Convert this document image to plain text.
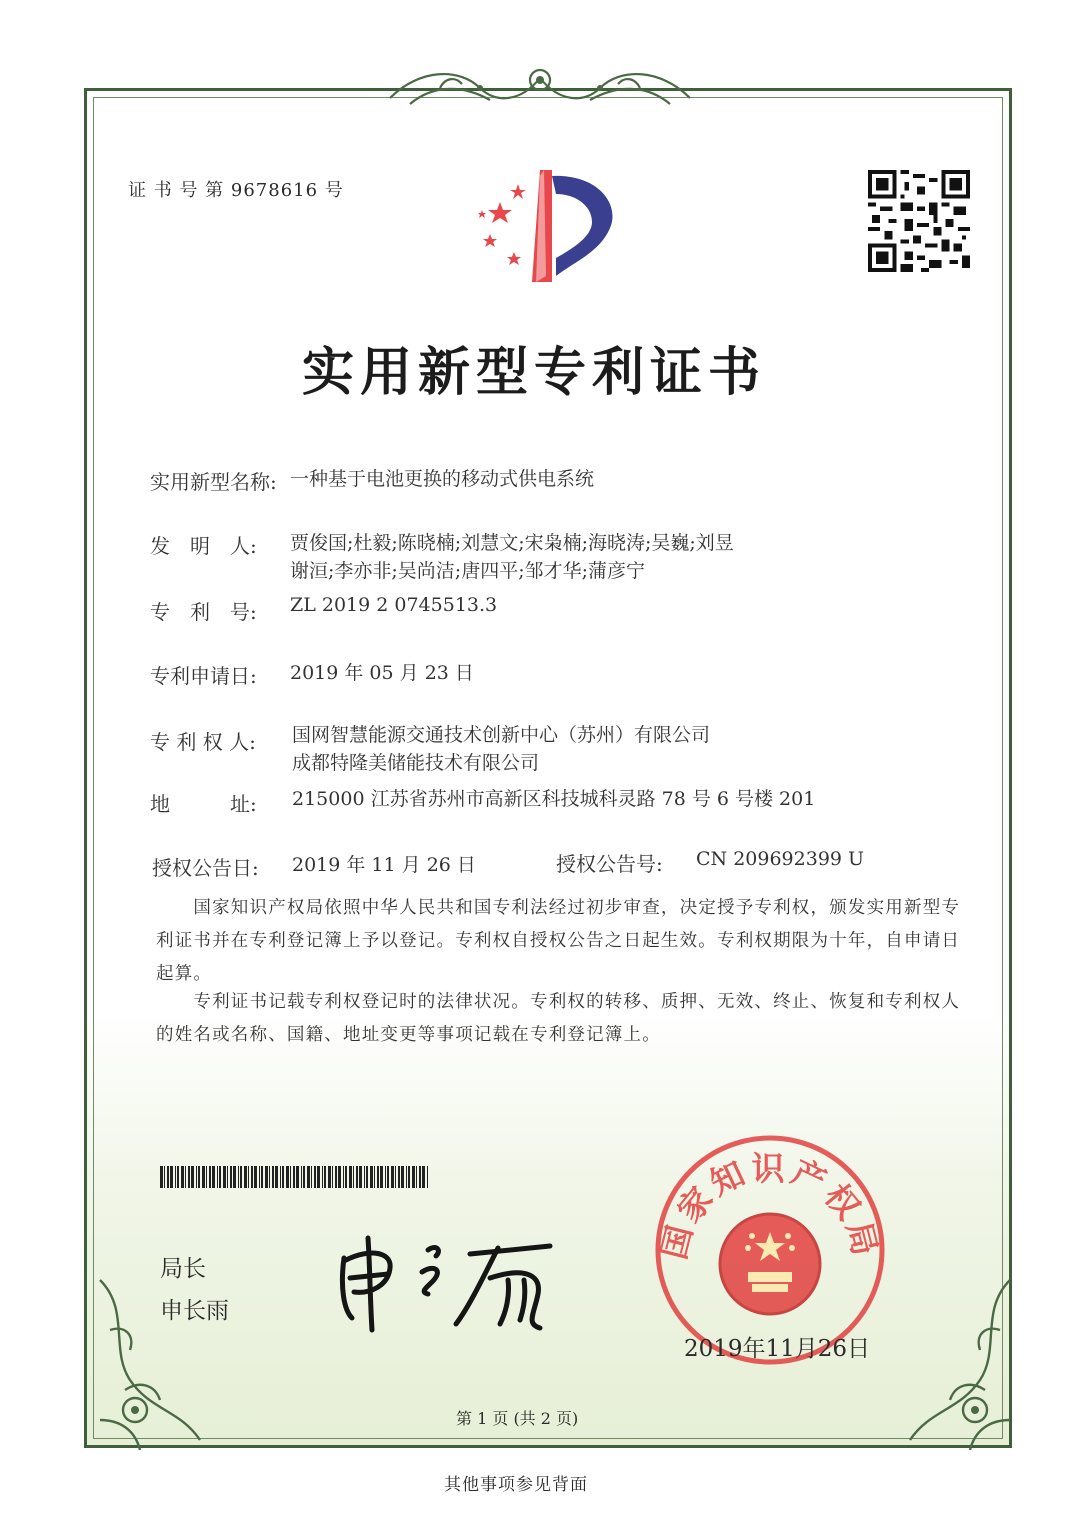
证 书 号 第 9678616 号
实用新型专利证书
实用新型名称: 一种基于电池更换的移动式供电系统
发　明　人: 贾俊国;杜毅;陈晓楠;刘慧文;宋枭楠;海晓涛;吴巍;刘昱
谢洹;李亦非;吴尚洁;唐四平;邹才华;蒲彦宁
专　利　号: ZL 2019 2 0745513.3
专利申请日: 2019 年 05 月 23 日
专 利 权 人: 国网智慧能源交通技术创新中心（苏州）有限公司
成都特隆美储能技术有限公司
地　　　址: 215000 江苏省苏州市高新区科技城科灵路 78 号 6 号楼 201
授权公告日: 2019 年 11 月 26 日	授权公告号: CN 209692399 U
　　国家知识产权局依照中华人民共和国专利法经过初步审查，决定授予专利权，颁发实用新型专利证书并在专利登记簿上予以登记。专利权自授权公告之日起生效。专利权期限为十年，自申请日起算。
　　专利证书记载专利权登记时的法律状况。专利权的转移、质押、无效、终止、恢复和专利权人的姓名或名称、国籍、地址变更等事项记载在专利登记簿上。
局长
申长雨
国家知识产权局
2019年11月26日
第 1 页 (共 2 页)
其他事项参见背面
